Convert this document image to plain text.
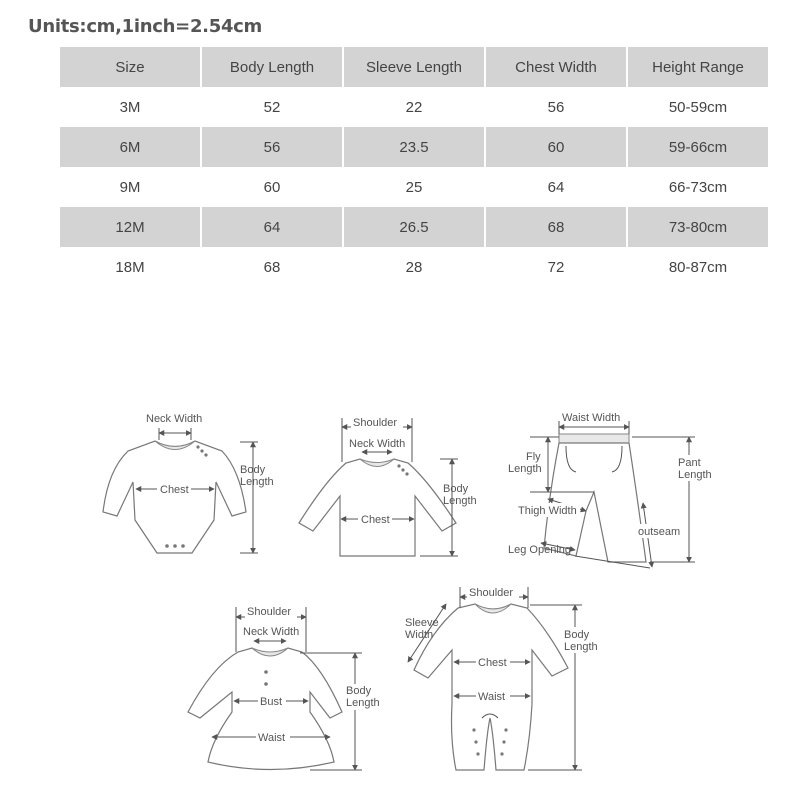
Units:cm,1inch=2.54cm
Size	Body Length	Sleeve Length	Chest Width	Height Range
3M	52	22	56	50-59cm
6M	56	23.5	60	59-66cm
9M	60	25	64	66-73cm
12M	64	26.5	68	73-80cm
18M	68	28	72	80-87cm
Neck Width
Chest
Body
Length
Shoulder
Neck Width
Chest
Body
Length
Waist Width
Fly
Length	Pant
Length
Thigh Width
outseam
Leg Opening
Shoulder
Neck Width
Bust
Waist
Body
Length
Shoulder
Sleeve
Width
Chest
Waist
Body
Length
